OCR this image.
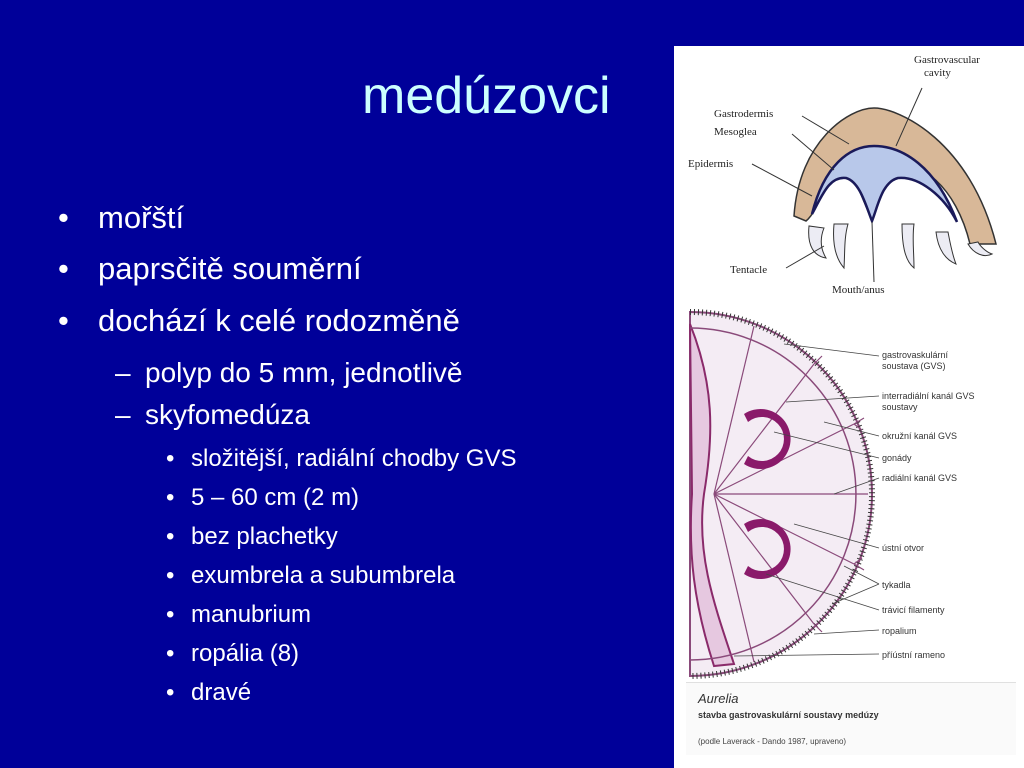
medúzovci
• mořští
• paprsčitě souměrní
• dochází k celé rodozměně
– polyp do 5 mm, jednotlivě
– skyfomedúza
• složitější, radiální chodby GVS
• 5 – 60 cm (2 m)
• bez plachetky
• exumbrela a subumbrela
• manubrium
• ropália (8)
• dravé
Gastrovascular
cavity
Gastrodermis
Mesoglea
Epidermis
Tentacle
Mouth/anus
gastrovaskulární
soustava (GVS)
interradiální kanál GVS
soustavy
okružní kanál GVS
gonády
radiální kanál GVS
ústní otvor
tykadla
trávicí filamenty
ropalium
příústní rameno
Aurelia
stavba gastrovaskulární soustavy medúzy
(podle Laverack - Dando 1987, upraveno)
